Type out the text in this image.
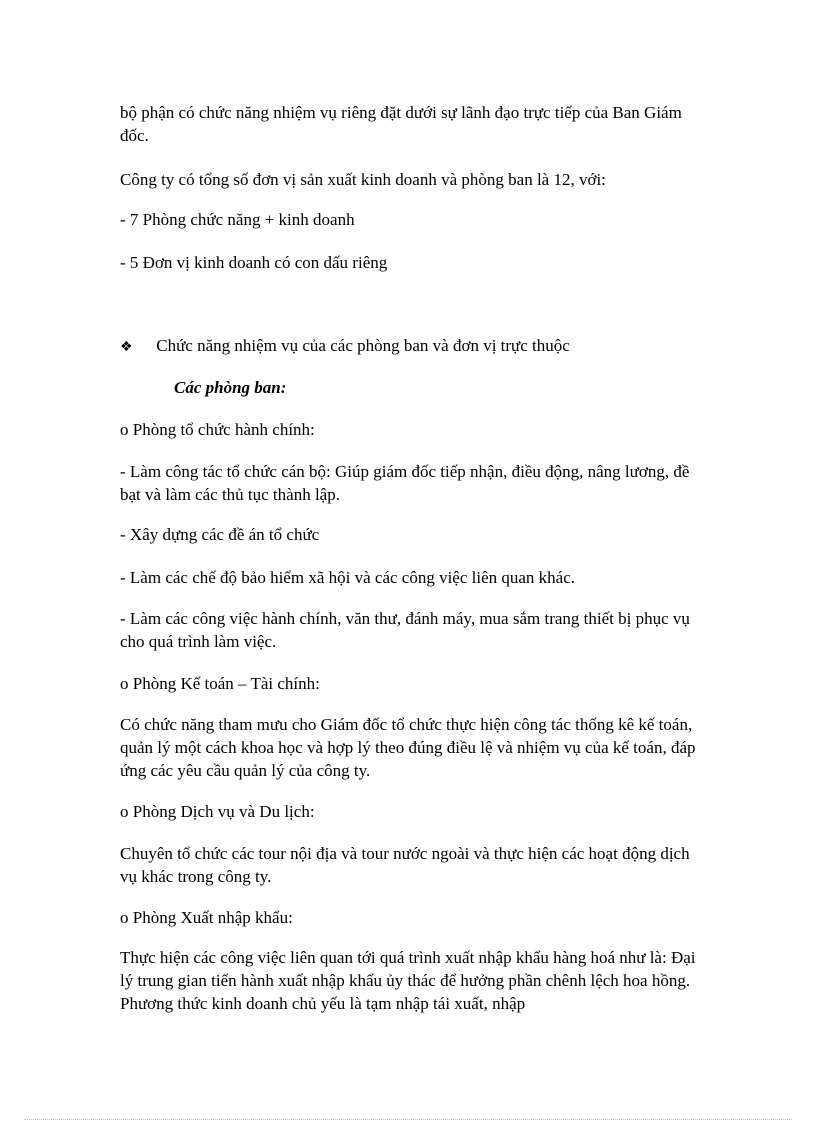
bộ phận có chức năng nhiệm vụ riêng đặt dưới sự lãnh đạo trực tiếp của Ban Giám đốc.
Công ty có tổng số đơn vị sản xuất kinh doanh và phòng ban là 12, với:
- 7 Phòng chức năng + kinh doanh
- 5 Đơn vị kinh doanh có con dấu riêng
❖ Chức năng nhiệm vụ của các phòng ban và đơn vị trực thuộc
Các phòng ban:
o Phòng tổ chức hành chính:
- Làm công tác tổ chức cán bộ: Giúp giám đốc tiếp nhận, điều động, nâng lương, đề bạt và làm các thủ tục thành lập.
- Xây dựng các đề án tổ chức
- Làm các chế độ bảo hiểm xã hội và các công việc liên quan khác.
- Làm các công việc hành chính, văn thư, đánh máy, mua sắm trang thiết bị phục vụ cho quá trình làm việc.
o Phòng Kế toán – Tài chính:
Có chức năng tham mưu cho Giám đốc tổ chức thực hiện công tác thống kê kế toán, quản lý một cách khoa học và hợp lý theo đúng điều lệ và nhiệm vụ của kế toán, đáp ứng các yêu cầu quản lý của công ty.
o Phòng Dịch vụ và Du lịch:
Chuyên tổ chức các tour nội địa và tour nước ngoài và thực hiện các hoạt động dịch vụ khác trong công ty.
o Phòng Xuất nhập khẩu:
Thực hiện các công việc liên quan tới quá trình xuất nhập khẩu hàng hoá như là: Đại lý trung gian tiến hành xuất nhập khẩu ủy thác để hưởng phần chênh lệch hoa hồng. Phương thức kinh doanh chủ yếu là tạm nhập tái xuất, nhập
